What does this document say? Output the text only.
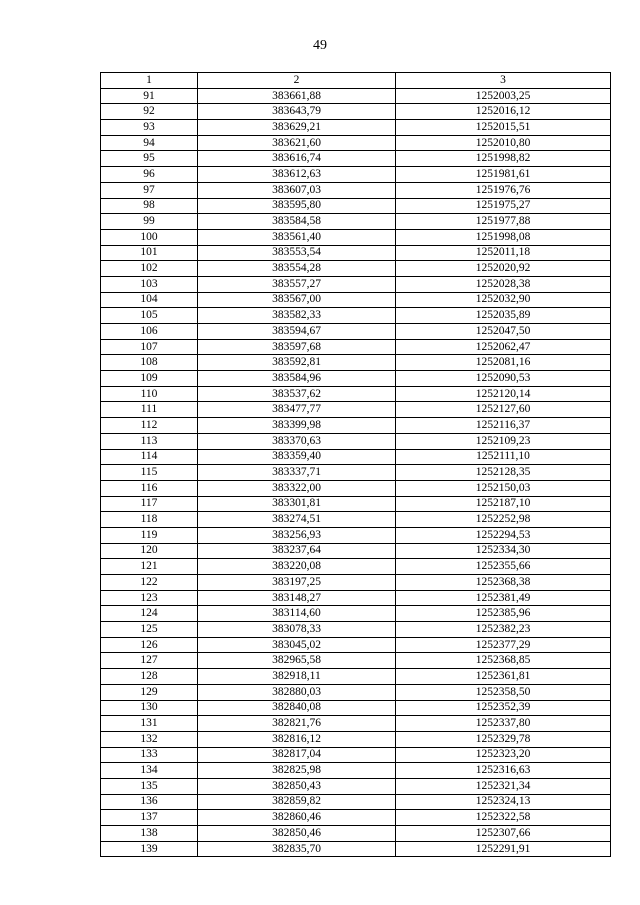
49
1	2	3
91	383661,88	1252003,25
92	383643,79	1252016,12
93	383629,21	1252015,51
94	383621,60	1252010,80
95	383616,74	1251998,82
96	383612,63	1251981,61
97	383607,03	1251976,76
98	383595,80	1251975,27
99	383584,58	1251977,88
100	383561,40	1251998,08
101	383553,54	1252011,18
102	383554,28	1252020,92
103	383557,27	1252028,38
104	383567,00	1252032,90
105	383582,33	1252035,89
106	383594,67	1252047,50
107	383597,68	1252062,47
108	383592,81	1252081,16
109	383584,96	1252090,53
110	383537,62	1252120,14
111	383477,77	1252127,60
112	383399,98	1252116,37
113	383370,63	1252109,23
114	383359,40	1252111,10
115	383337,71	1252128,35
116	383322,00	1252150,03
117	383301,81	1252187,10
118	383274,51	1252252,98
119	383256,93	1252294,53
120	383237,64	1252334,30
121	383220,08	1252355,66
122	383197,25	1252368,38
123	383148,27	1252381,49
124	383114,60	1252385,96
125	383078,33	1252382,23
126	383045,02	1252377,29
127	382965,58	1252368,85
128	382918,11	1252361,81
129	382880,03	1252358,50
130	382840,08	1252352,39
131	382821,76	1252337,80
132	382816,12	1252329,78
133	382817,04	1252323,20
134	382825,98	1252316,63
135	382850,43	1252321,34
136	382859,82	1252324,13
137	382860,46	1252322,58
138	382850,46	1252307,66
139	382835,70	1252291,91
